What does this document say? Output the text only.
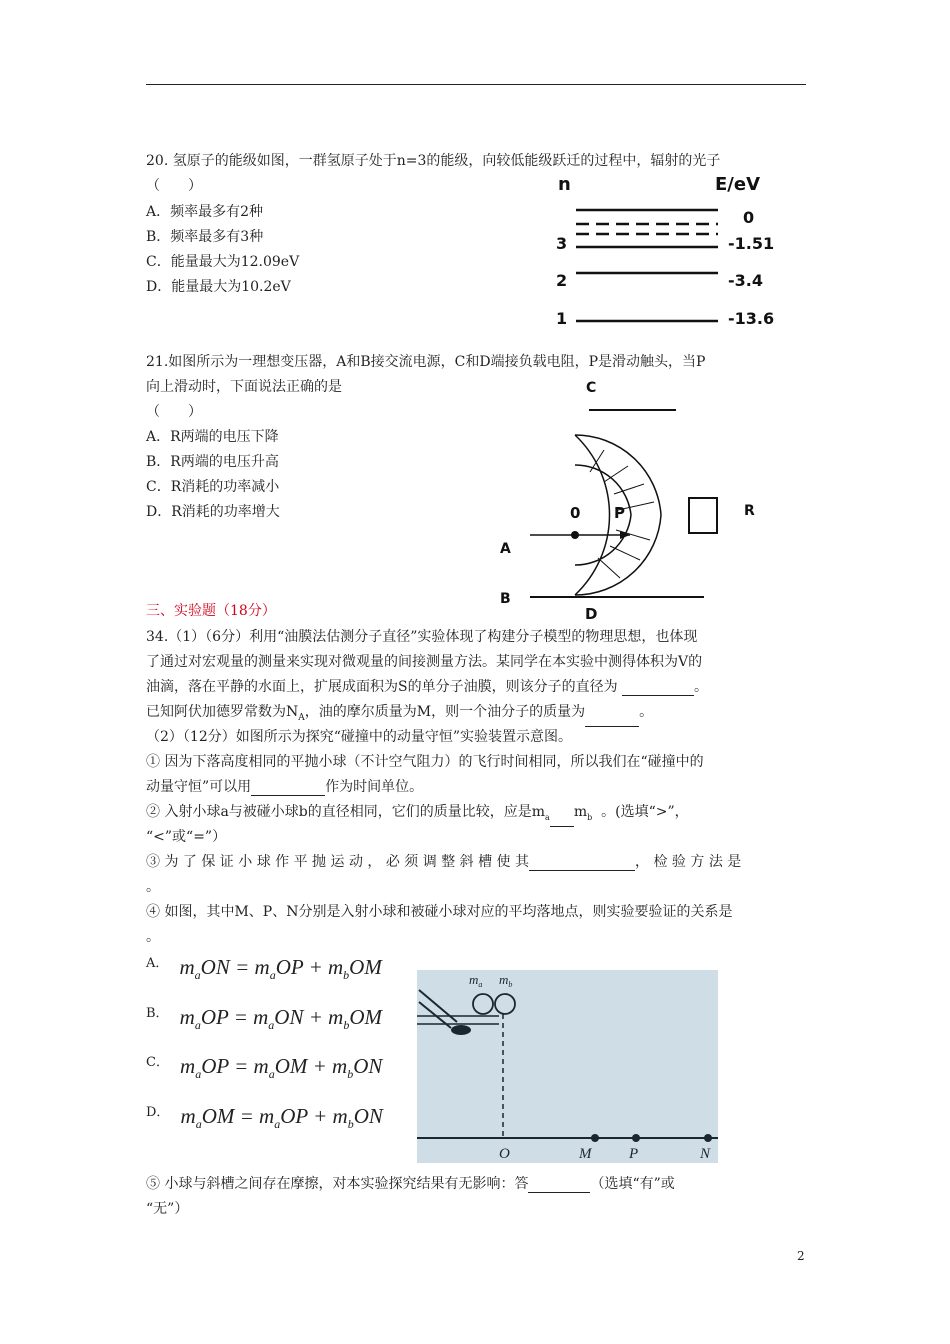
20. 氢原子的能级如图，一群氢原子处于n=3的能级，向较低能级跃迁的过程中，辐射的光子
（　　）
A．频率最多有2种
B．频率最多有3种
C．能量最大为12.09eV
D．能量最大为10.2eV
n	E/eV
0
3	-1.51
2	-3.4
1	-13.6
21.如图所示为一理想变压器，A和B接交流电源，C和D端接负载电阻，P是滑动触头，当P
向上滑动时，下面说法正确的是
（　　）
A．R两端的电压下降
B．R两端的电压升高
C．R消耗的功率减小
D．R消耗的功率增大
C
0 P	R
A
B
D
三、实验题（18分）
34.（1）（6分）利用“油膜法估测分子直径”实验体现了构建分子模型的物理思想，也体现
了通过对宏观量的测量来实现对微观量的间接测量方法。某同学在本实验中测得体积为V的
油滴，落在平静的水面上，扩展成面积为S的单分子油膜，则该分子的直径为	。
已知阿伏加德罗常数为$N_A$，油的摩尔质量为M，则一个油分子的质量为	。
（2）（12分）如图所示为探究“碰撞中的动量守恒”实验装置示意图。
① 因为下落高度相同的平抛小球（不计空气阻力）的飞行时间相同，所以我们在“碰撞中的
动量守恒”可以用	作为时间单位。
② 入射小球a与被碰小球b的直径相同，它们的质量比较，应是$m_a$ $m_b$ 。(选填“>”，
“<”或“=”）
③ 为 了 保 证 小 球 作 平 抛 运 动 ， 必 须 调 整 斜 槽 使 其	， 检 验 方 法 是
。
④ 如图，其中M、P、N分别是入射小球和被碰小球对应的平均落地点，则实验要验证的关系是
。
$^{A.}$ $m_aON = m_aOP + m_bOM$
$^{B.}$ $m_aOP = m_aON + m_bOM$
$^{C.}$ $m_aOP = m_aOM + m_bON$
$^{D.}$ $m_aOM = m_aOP + m_bON$
$m_a$ $m_b$
O	M	P	N
⑤ 小球与斜槽之间存在摩擦，对本实验探究结果有无影响：答	（选填“有”或
“无”）
2
